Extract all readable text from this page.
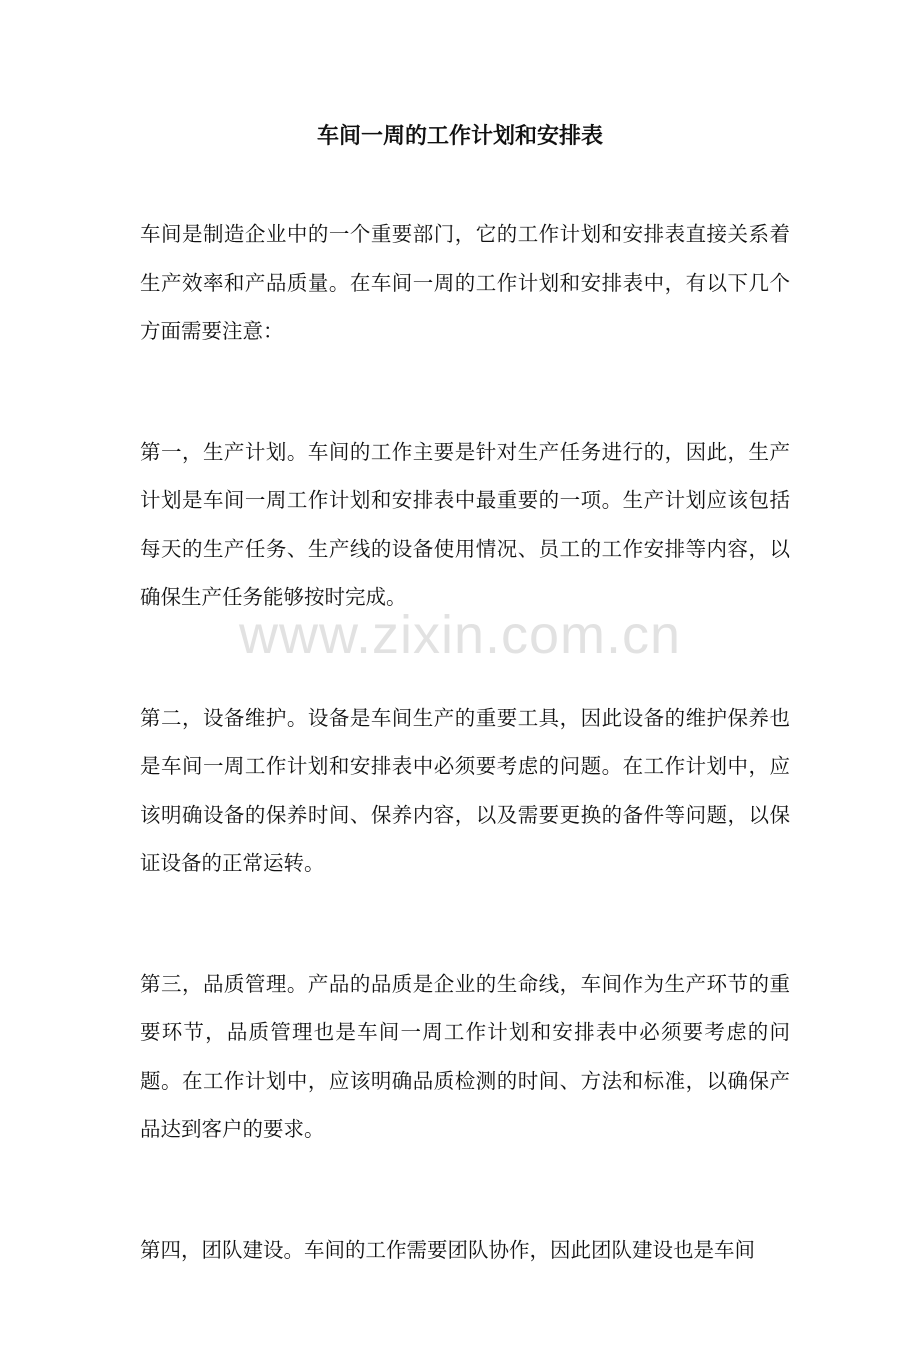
车间一周的工作计划和安排表

车间是制造企业中的一个重要部门，它的工作计划和安排表直接关系着生产效率和产品质量。在车间一周的工作计划和安排表中，有以下几个方面需要注意：

第一，生产计划。车间的工作主要是针对生产任务进行的，因此，生产计划是车间一周工作计划和安排表中最重要的一项。生产计划应该包括每天的生产任务、生产线的设备使用情况、员工的工作安排等内容，以确保生产任务能够按时完成。

第二，设备维护。设备是车间生产的重要工具，因此设备的维护保养也是车间一周工作计划和安排表中必须要考虑的问题。在工作计划中，应该明确设备的保养时间、保养内容，以及需要更换的备件等问题，以保证设备的正常运转。

第三，品质管理。产品的品质是企业的生命线，车间作为生产环节的重要环节，品质管理也是车间一周工作计划和安排表中必须要考虑的问题。在工作计划中，应该明确品质检测的时间、方法和标准，以确保产品达到客户的要求。

第四，团队建设。车间的工作需要团队协作，因此团队建设也是车间

www.zixin.com.cn
